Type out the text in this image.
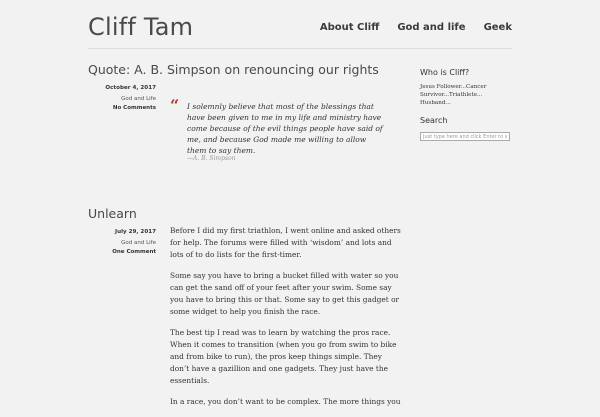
Cliff Tam	About Cliff God and life Geek
Quote: A. B. Simpson on renouncing our rights
October 4, 2017
God and Life
No Comments “ I solemnly believe that most of the blessings that have been given to me in my life and ministry have come because of the evil things people have said of me, and because God made me willing to allow them to say them.
—A. B. Simpson
Unlearn
July 29, 2017
God and Life
One Comment

Before I did my first triathlon, I went online and asked others for help. The forums were filled with ‘wisdom’ and lots and lots of to do lists for the first-timer.

Some say you have to bring a bucket filled with water so you can get the sand off of your feet after your swim. Some say you have to bring this or that. Some say to get this gadget or some widget to help you finish the race.

The best tip I read was to learn by watching the pros race. When it comes to transition (when you go from swim to bike and from bike to run), the pros keep things simple. They don’t have a gazillion and one gadgets. They just have the essentials.

In a race, you don’t want to be complex. The more things you

Who is Cliff?
Jesus Follower...Cancer Survivor...Triathlete... Husband...
Search
Just type here and click Enter to search
